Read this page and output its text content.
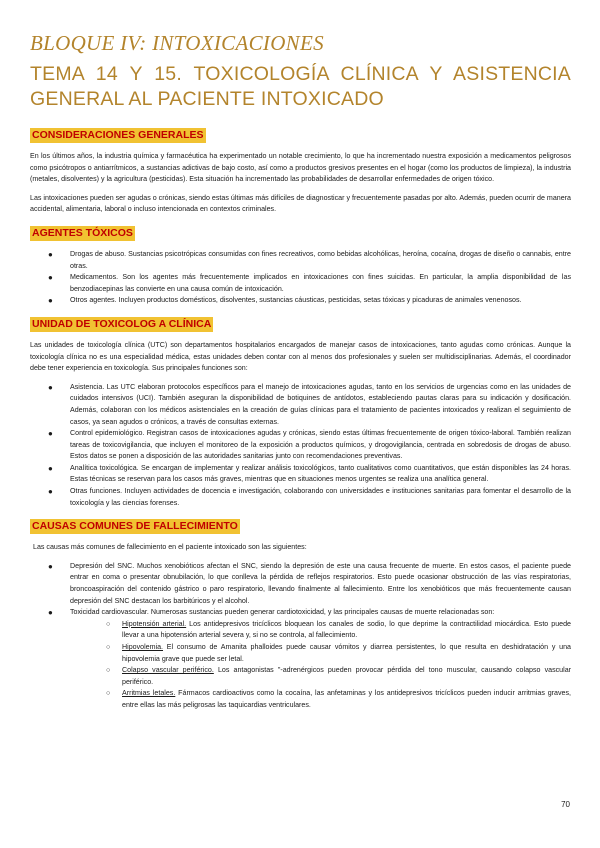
BLOQUE IV: INTOXICACIONES
TEMA 14 Y 15. TOXICOLOGÍA CLÍNICA Y ASISTENCIA
GENERAL AL PACIENTE INTOXICADO
CONSIDERACIONES GENERALES

En los últimos años, la industria química y farmacéutica ha experimentado un notable crecimiento, lo que ha incrementado nuestra exposición a medicamentos peligrosos como psicótropos o antiarrítmicos, a sustancias adictivas de bajo costo, así como a productos gresivos presentes en el hogar (como los productos de limpieza), la industria (metales, disolventes) y la agricultura (pesticidas). Esta situación ha incrementado las probabilidades de desarrollar enfermedades de origen tóxico.

Las intoxicaciones pueden ser agudas o crónicas, siendo estas últimas más difíciles de diagnosticar y frecuentemente pasadas por alto. Además, pueden ocurrir de manera accidental, alimentaria, laboral o incluso intencionada en contextos criminales.

AGENTES TÓXICOS
● Drogas de abuso. Sustancias psicotrópicas consumidas con fines recreativos, como bebidas alcohólicas, heroína, cocaína, drogas de diseño o cannabis, entre otras.
● Medicamentos. Son los agentes más frecuentemente implicados en intoxicaciones con fines suicidas. En particular, la amplia disponibilidad de las benzodiacepinas las convierte en una causa común de intoxicación.
● Otros agentes. Incluyen productos domésticos, disolventes, sustancias cáusticas, pesticidas, setas tóxicas y picaduras de animales venenosos.
UNIDAD DE TOXICOLOG A CLÍNICA

Las unidades de toxicología clínica (UTC) son departamentos hospitalarios encargados de manejar casos de intoxicaciones, tanto agudas como crónicas. Aunque la toxicología clínica no es una especialidad médica, estas unidades deben contar con al menos dos profesionales y suelen ser multidisciplinarias. Además, el coordinador debe tener experiencia en toxicología. Sus principales funciones son:

● Asistencia. Las UTC elaboran protocolos específicos para el manejo de intoxicaciones agudas, tanto en los servicios de urgencias como en las unidades de cuidados intensivos (UCI). También aseguran la disponibilidad de botiquines de antídotos, estableciendo pautas claras para su indicación y dosificación. Además, colaboran con los médicos asistenciales en la creación de guías clínicas para el tratamiento de pacientes intoxicados y realizan el seguimiento de casos, ya sean agudos o crónicos, a través de consultas externas.
● Control epidemiológico. Registran casos de intoxicaciones agudas y crónicas, siendo estas últimas frecuentemente de origen tóxico-laboral. También realizan tareas de toxicovigilancia, que incluyen el monitoreo de la exposición a productos químicos, y drogovigilancia, centrada en sobredosis de drogas de abuso. Estos datos se ponen a disposición de las autoridades sanitarias junto con recomendaciones preventivas.
● Analítica toxicológica. Se encargan de implementar y realizar análisis toxicológicos, tanto cualitativos como cuantitativos, que están disponibles las 24 horas. Estas técnicas se reservan para los casos más graves, mientras que en situaciones menos urgentes se realiza una analítica general.
● Otras funciones. Incluyen actividades de docencia e investigación, colaborando con universidades e instituciones sanitarias para fomentar el desarrollo de la toxicología y las ciencias forenses.
CAUSAS COMUNES DE FALLECIMIENTO

Las causas más comunes de fallecimiento en el paciente intoxicado son las siguientes:

● Depresión del SNC. Muchos xenobióticos afectan el SNC, siendo la depresión de este una causa frecuente de muerte. En estos casos, el paciente puede entrar en coma o presentar obnubilación, lo que conlleva la pérdida de reflejos respiratorios. Esto puede ocasionar obstrucción de las vías respiratorias, broncoaspiración del contenido gástrico o paro respiratorio, llevando finalmente al fallecimiento. Entre los xenobióticos que más frecuentemente causan depresión del SNC destacan los barbitúricos y el alcohol.
● Toxicidad cardiovascular. Numerosas sustancias pueden generar cardiotoxicidad, y las principales causas de muerte relacionadas son:
○ Hipotensión arterial. Los antidepresivos tricíclicos bloquean los canales de sodio, lo que deprime la contractilidad miocárdica. Esto puede llevar a una hipotensión arterial severa y, si no se controla, al fallecimiento.
○ Hipovolemia. El consumo de Amanita phalloides puede causar vómitos y diarrea persistentes, lo que resulta en deshidratación y una hipovolemia grave que puede ser letal.
○ Colapso vascular periférico. Los antagonistas "-adrenérgicos pueden provocar pérdida del tono muscular, causando colapso vascular periférico.
○ Arritmias letales. Fármacos cardioactivos como la cocaína, las anfetaminas y los antidepresivos tricíclicos pueden inducir arritmias graves, entre ellas las más peligrosas las taquicardias ventriculares.
70
